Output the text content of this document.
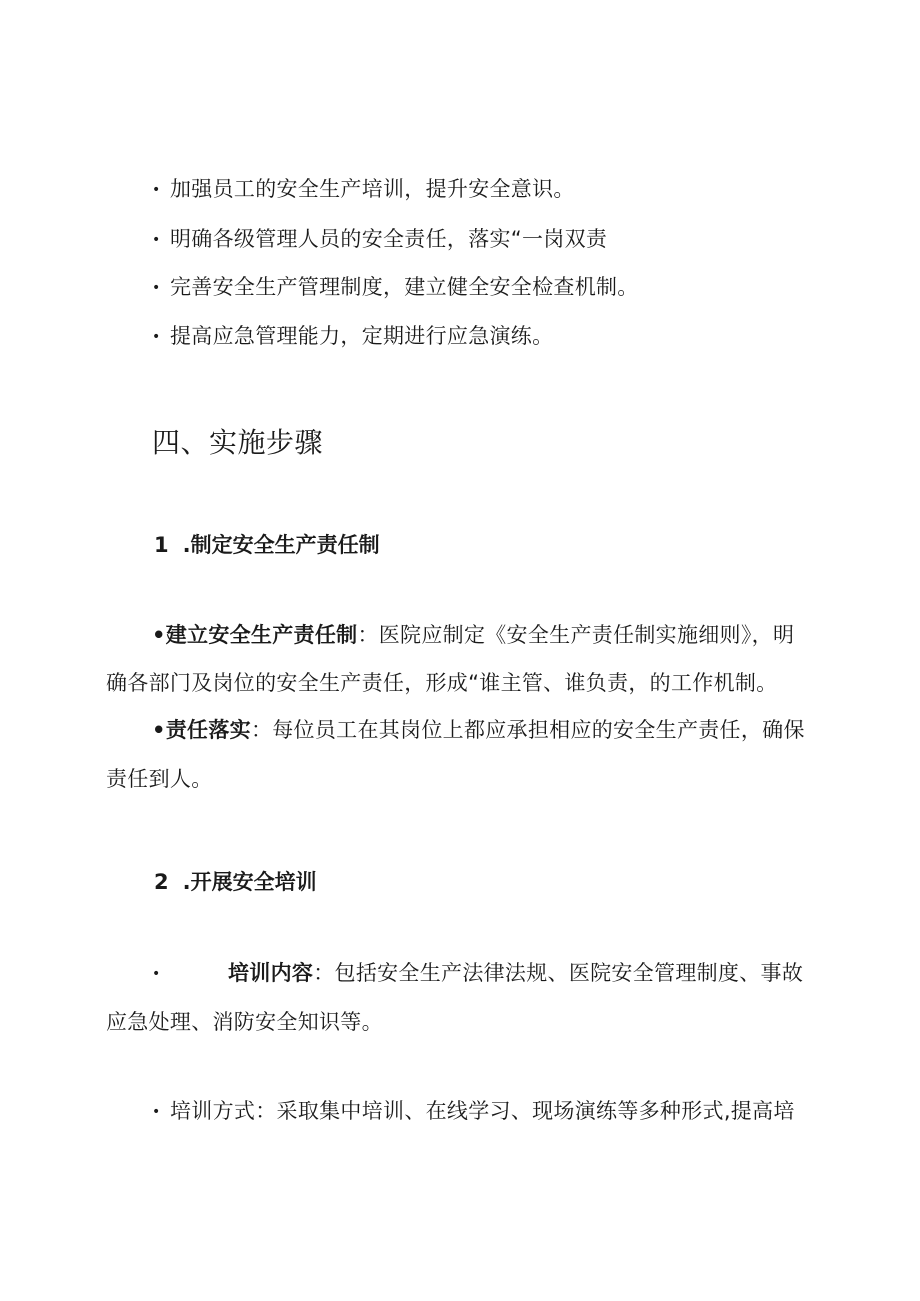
• 加强员工的安全生产培训，提升安全意识。
• 明确各级管理人员的安全责任，落实“一岗双责
• 完善安全生产管理制度，建立健全安全检查机制。
• 提高应急管理能力，定期进行应急演练。
四、实施步骤
1 .制定安全生产责任制
•建立安全生产责任制：医院应制定《安全生产责任制实施细则》，明
确各部门及岗位的安全生产责任，形成“谁主管、谁负责，的工作机制。
•责任落实：每位员工在其岗位上都应承担相应的安全生产责任，确保
责任到人。
2 .开展安全培训
•	培训内容：包括安全生产法律法规、医院安全管理制度、事故
应急处理、消防安全知识等。
• 培训方式：采取集中培训、在线学习、现场演练等多种形式,提高培
